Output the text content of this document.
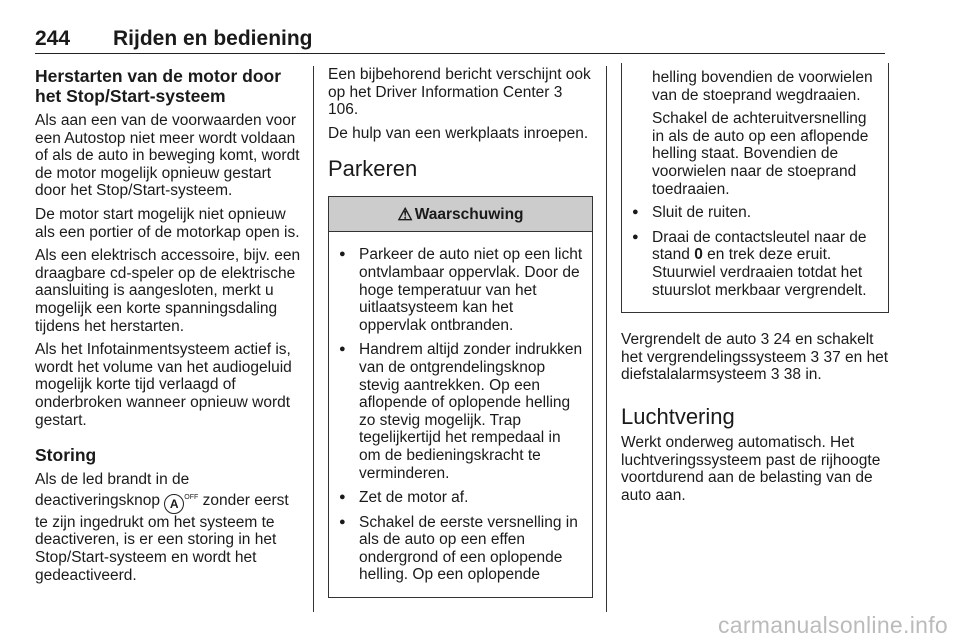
244 Rijden en bediening
Herstarten van de motor door het Stop/Start-systeem

Als aan een van de voorwaarden voor een Autostop niet meer wordt voldaan of als de auto in beweging komt, wordt de motor mogelijk opnieuw gestart door het Stop/Start-systeem.

De motor start mogelijk niet opnieuw als een portier of de motorkap open is.

Als een elektrisch accessoire, bijv. een draagbare cd-speler op de elektrische aansluiting is aangesloten, merkt u mogelijk een korte spanningsdaling tijdens het herstarten.

Als het Infotainmentsysteem actief is, wordt het volume van het audiogeluid mogelijk korte tijd verlaagd of onderbroken wanneer opnieuw wordt gestart.

Storing

Als de led brandt in de deactiveringsknop A $^{OFF}$ zonder eerst te zijn ingedrukt om het systeem te deactiveren, is er een storing in het Stop/Start-systeem en wordt het gedeactiveerd.

Een bijbehorend bericht verschijnt ook op het Driver Information Center 3 106.

De hulp van een werkplaats inroepen.

Parkeren
⚠ Waarschuwing
● Parkeer de auto niet op een licht ontvlambaar oppervlak. Door de hoge temperatuur van het uitlaatsysteem kan het oppervlak ontbranden.
● Handrem altijd zonder indrukken van de ontgrendelingsknop stevig aantrekken. Op een aflopende of oplopende helling zo stevig mogelijk. Trap tegelijkertijd het rempedaal in om de bedieningskracht te verminderen.
● Zet de motor af.
● Schakel de eerste versnelling in als de auto op een effen ondergrond of een oplopende helling. Op een oplopende
helling bovendien de voorwielen van de stoeprand wegdraaien.
Schakel de achteruitversnelling in als de auto op een aflopende helling staat. Bovendien de voorwielen naar de stoeprand toedraaien.
● Sluit de ruiten.
● Draai de contactsleutel naar de stand 0 en trek deze eruit. Stuurwiel verdraaien totdat het stuurslot merkbaar vergrendelt.

Vergrendelt de auto 3 24 en schakelt het vergrendelingssysteem 3 37 en het diefstalalarmsysteem 3 38 in.

Luchtvering

Werkt onderweg automatisch. Het luchtveringssysteem past de rijhoogte voortdurend aan de belasting van de auto aan.

carmanualsonline.info
